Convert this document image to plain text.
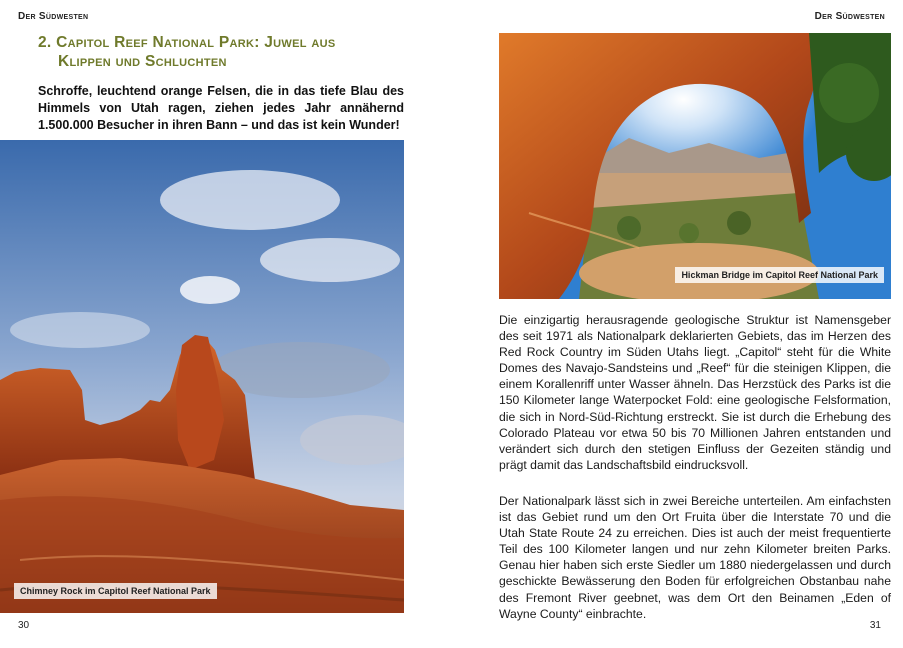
Der Südwesten
2. Capitol Reef National Park: Juwel aus
Klippen und Schluchten

Schroffe, leuchtend orange Felsen, die in das tiefe Blau des Himmels von Utah ragen, ziehen jedes Jahr annähernd 1.500.000 Besucher in ihren Bann – und das ist kein Wunder!

Chimney Rock im Capitol Reef National Park
30
Der Südwesten
Hickman Bridge im Capitol Reef National Park

Die einzigartig herausragende geologische Struktur ist Namensgeber des seit 1971 als Nationalpark deklarierten Gebiets, das im Herzen des Red Rock Country im Süden Utahs liegt. „Capitol“ steht für die White Domes des Navajo-Sandsteins und „Reef“ für die steinigen Klippen, die einem Korallenriff unter Wasser ähneln. Das Herzstück des Parks ist die 150 Kilometer lange Waterpocket Fold: eine geologische Felsformation, die sich in Nord-Süd-Richtung erstreckt. Sie ist durch die Erhebung des Colorado Plateau vor etwa 50 bis 70 Millionen Jahren entstanden und verändert sich durch den stetigen Einfluss der Gezeiten ständig und prägt damit das Landschaftsbild eindrucksvoll.

Der Nationalpark lässt sich in zwei Bereiche unterteilen. Am einfachsten ist das Gebiet rund um den Ort Fruita über die Interstate 70 und die Utah State Route 24 zu erreichen. Dies ist auch der meist frequentierte Teil des 100 Kilometer langen und nur zehn Kilometer breiten Parks. Genau hier haben sich erste Siedler um 1880 niedergelassen und durch geschickte Bewässerung den Boden für erfolgreichen Obstanbau nahe des Fremont River geebnet, was dem Ort den Beinamen „Eden of Wayne County“ einbrachte.

31
